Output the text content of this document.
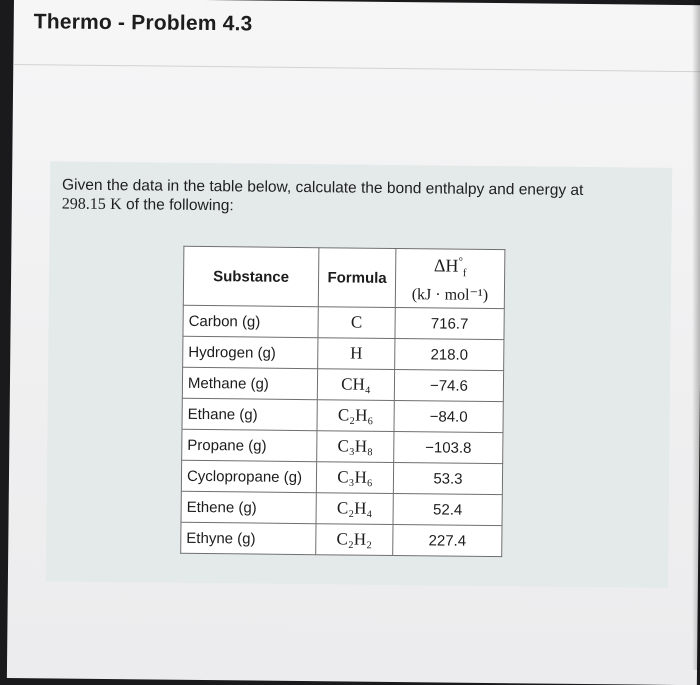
Thermo - Problem 4.3
Given the data in the table below, calculate the bond enthalpy and energy at
298.15 K of the following:
Substance	Formula	$\Delta H^\circ_f$
(kJ · mol⁻¹)

Carbon (g)	C	716.7
Hydrogen (g)	H	218.0
Methane (g)	CH₄	−74.6
Ethane (g)	C₂H₆	−84.0
Propane (g)	C₃H₈	−103.8
Cyclopropane (g)	C₃H₆	53.3
Ethene (g)	C₂H₄	52.4
Ethyne (g)	C₂H₂	227.4
